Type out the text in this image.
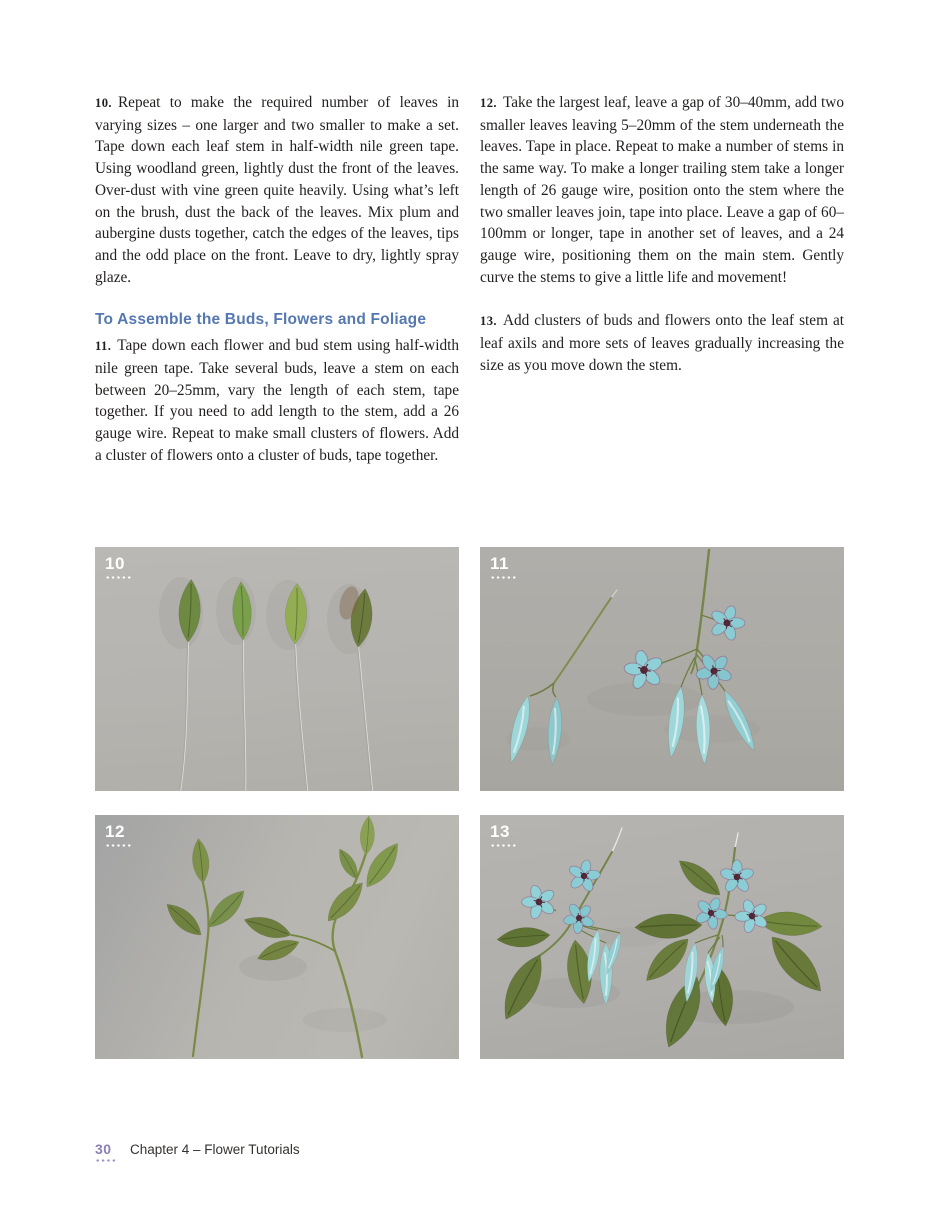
10. Repeat to make the required number of leaves in varying sizes – one larger and two smaller to make a set. Tape down each leaf stem in half-width nile green tape. Using woodland green, lightly dust the front of the leaves. Over-dust with vine green quite heavily. Using what’s left on the brush, dust the back of the leaves. Mix plum and aubergine dusts together, catch the edges of the leaves, tips and the odd place on the front. Leave to dry, lightly spray glaze.

To Assemble the Buds, Flowers and Foliage

11. Tape down each flower and bud stem using half-width nile green tape. Take several buds, leave a stem on each between 20–25mm, vary the length of each stem, tape together. If you need to add length to the stem, add a 26 gauge wire. Repeat to make small clusters of flowers. Add a cluster of flowers onto a cluster of buds, tape together.

12. Take the largest leaf, leave a gap of 30–40mm, add two smaller leaves leaving 5–20mm of the stem underneath the leaves. Tape in place. Repeat to make a number of stems in the same way. To make a longer trailing stem take a longer length of 26 gauge wire, position onto the stem where the two smaller leaves join, tape into place. Leave a gap of 60–100mm or longer, tape in another set of leaves, and a 24 gauge wire, positioning them on the main stem. Gently curve the stems to give a little life and movement!

13. Add clusters of buds and flowers onto the leaf stem at leaf axils and more sets of leaves gradually increasing the size as you move down the stem.

10	11
12	13
30	Chapter 4 – Flower Tutorials
